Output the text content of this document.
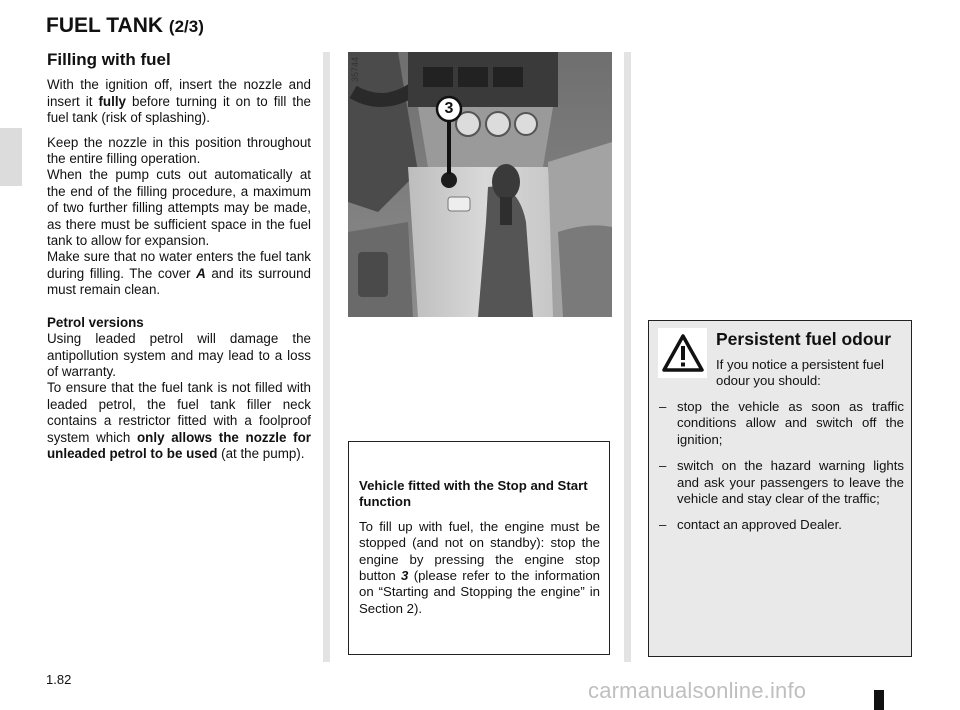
FUEL TANK (2/3)
Filling with fuel

With the ignition off, insert the nozzle and insert it fully before turning it on to fill the fuel tank (risk of splashing).

Keep the nozzle in this position throughout the entire filling operation.
When the pump cuts out automatically at the end of the filling procedure, a maximum of two further filling attempts may be made, as there must be sufficient space in the fuel tank to allow for expansion.
Make sure that no water enters the fuel tank during filling. The cover A and its surround must remain clean.

Petrol versions
Using leaded petrol will damage the antipollution system and may lead to a loss of warranty.
To ensure that the fuel tank is not filled with leaded petrol, the fuel tank filler neck contains a restrictor fitted with a foolproof system which only allows the nozzle for unleaded petrol to be used (at the pump).

35744
3
Vehicle fitted with the Stop and Start function

To fill up with fuel, the engine must be stopped (and not on standby): stop the engine by pressing the engine stop button 3 (please refer to the information on “Starting and Stopping the engine” in Section 2).

Persistent fuel odour
If you notice a persistent fuel odour you should:
– stop the vehicle as soon as traffic conditions allow and switch off the ignition;
– switch on the hazard warning lights and ask your passengers to leave the vehicle and stay clear of the traffic;
– contact an approved Dealer.
1.82	carmanualsonline.info
